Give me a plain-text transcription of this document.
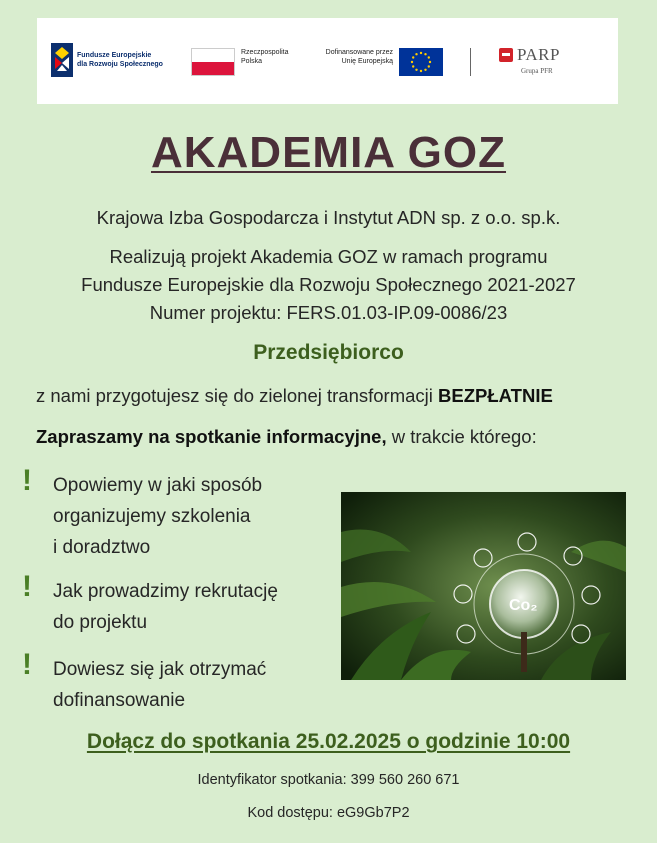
Fundusze Europejskie
dla Rozwoju Społecznego
Rzeczpospolita
Polska
Dofinansowane przez
Unię Europejską	PARP
Grupa PFR
AKADEMIA GOZ
Krajowa Izba Gospodarcza i Instytut ADN sp. z o.o. sp.k.
Realizują projekt Akademia GOZ w ramach programu
Fundusze Europejskie dla Rozwoju Społecznego 2021-2027
Numer projektu: FERS.01.03-IP.09-0086/23
Przedsiębiorco
z nami przygotujesz się do zielonej transformacji BEZPŁATNIE
Zapraszamy na spotkanie informacyjne, w trakcie którego:
! Opowiemy w jaki sposób
organizujemy szkolenia
i doradztwo
! Jak prowadzimy rekrutację
do projektu
! Dowiesz się jak otrzymać
dofinansowanie
Co₂
Dołącz do spotkania 25.02.2025 o godzinie 10:00
Identyfikator spotkania: 399 560 260 671
Kod dostępu: eG9Gb7P2
